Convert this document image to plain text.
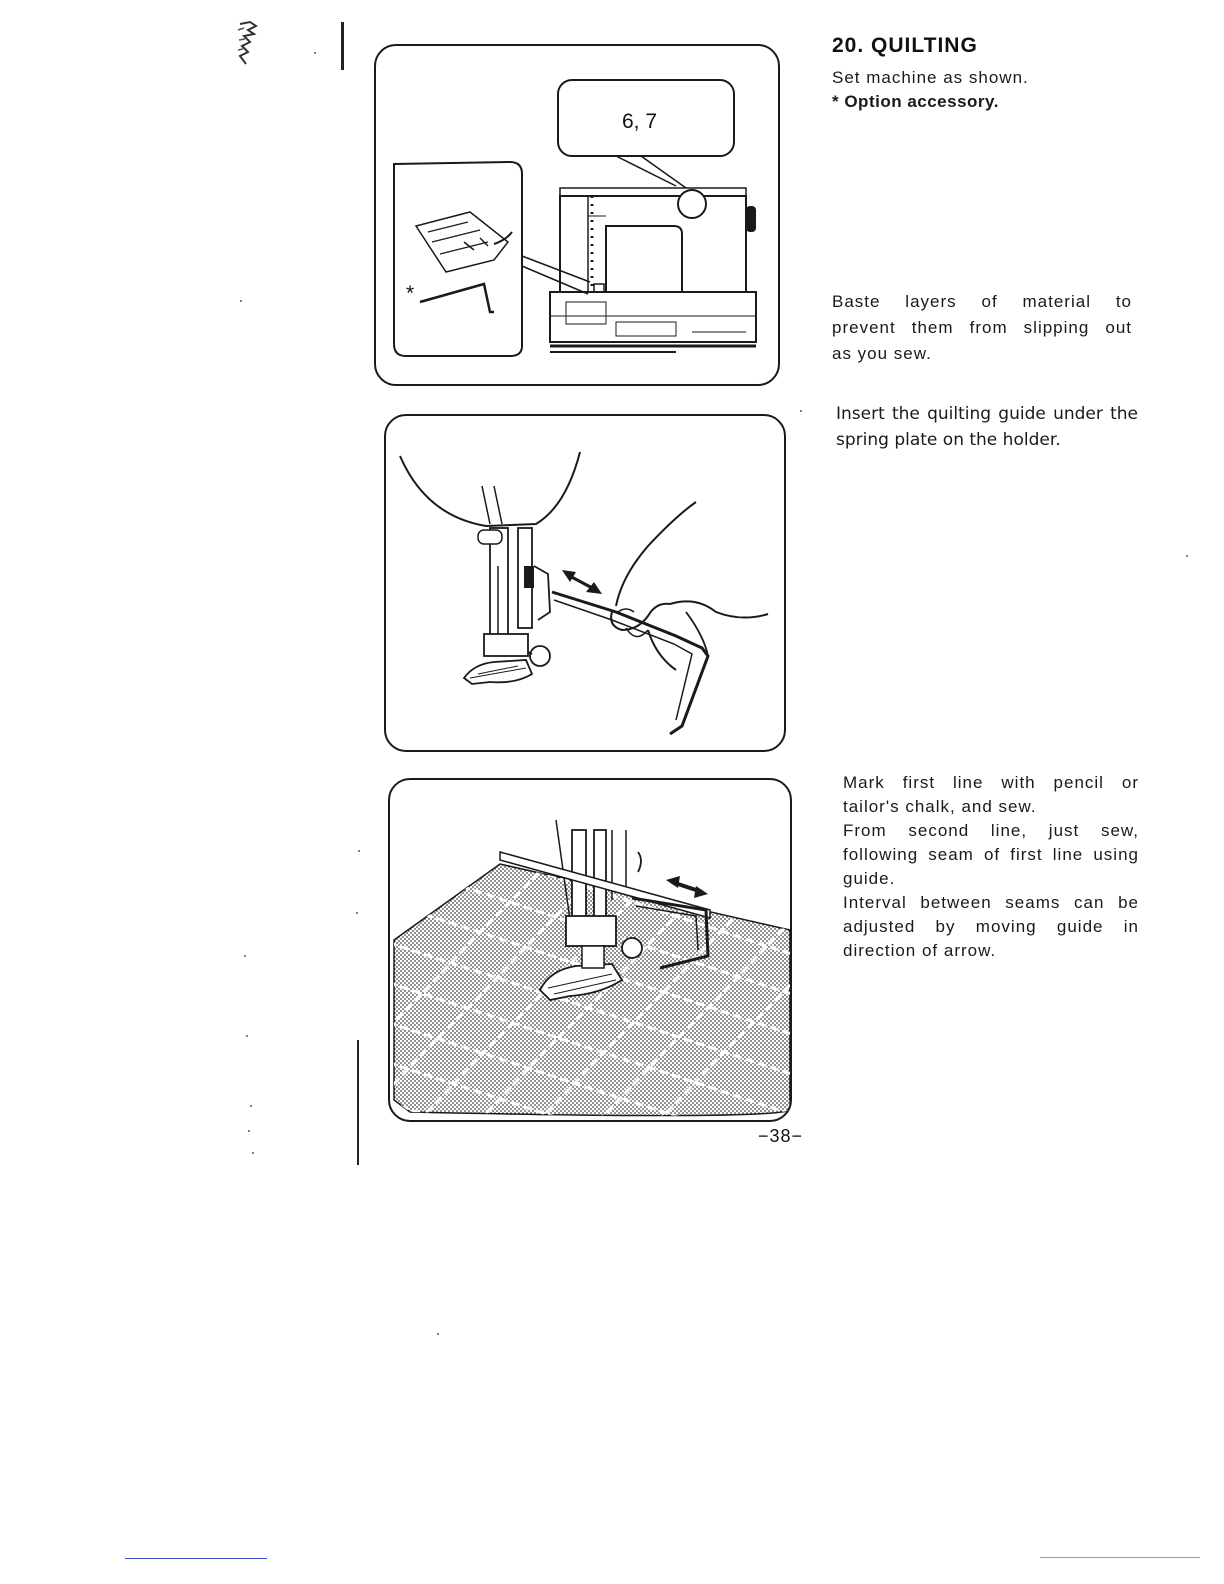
*
6, 7
20. QUILTING
Set machine as shown.
* Option accessory.
Baste layers of material to
prevent them from slipping out
as you sew.
Insert the quilting guide under the
spring plate on the holder.
Mark first line with pencil or
tailor's chalk, and sew.
From second line, just sew,
following seam of first line using
guide.
Interval between seams can be
adjusted by moving guide in
direction of arrow.
−38−
